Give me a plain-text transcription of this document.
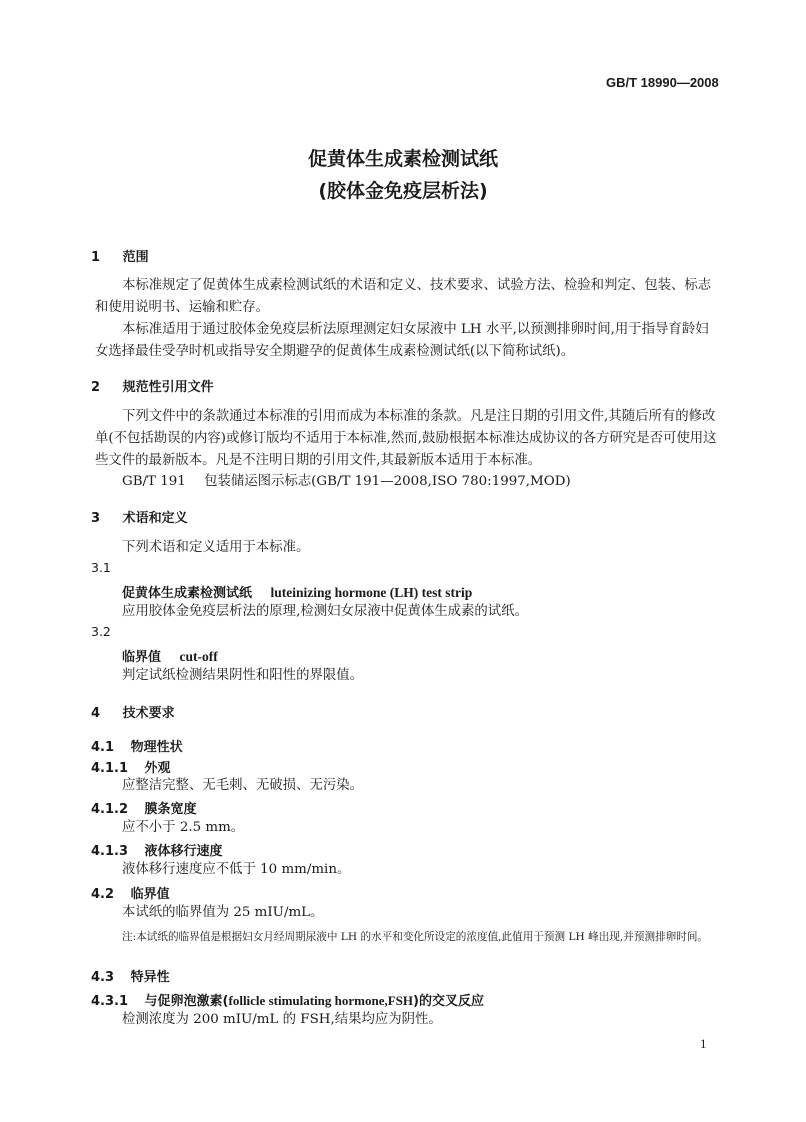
GB/T 18990—2008
促黄体生成素检测试纸
(胶体金免疫层析法)
1 范围
本标准规定了促黄体生成素检测试纸的术语和定义、技术要求、试验方法、检验和判定、包装、标志和使用说明书、运输和贮存。
本标准适用于通过胶体金免疫层析法原理测定妇女尿液中 LH 水平,以预测排卵时间,用于指导育龄妇女选择最佳受孕时机或指导安全期避孕的促黄体生成素检测试纸(以下简称试纸)。
2 规范性引用文件
下列文件中的条款通过本标准的引用而成为本标准的条款。凡是注日期的引用文件,其随后所有的修改单(不包括勘误的内容)或修订版均不适用于本标准,然而,鼓励根据本标准达成协议的各方研究是否可使用这些文件的最新版本。凡是不注明日期的引用文件,其最新版本适用于本标准。
GB/T 191 包装储运图示标志(GB/T 191—2008,ISO 780:1997,MOD)
3 术语和定义
下列术语和定义适用于本标准。
3.1
促黄体生成素检测试纸 luteinizing hormone (LH) test strip
应用胶体金免疫层析法的原理,检测妇女尿液中促黄体生成素的试纸。
3.2
临界值 cut-off
判定试纸检测结果阴性和阳性的界限值。
4 技术要求
4.1 物理性状
4.1.1 外观
应整洁完整、无毛刺、无破损、无污染。
4.1.2 膜条宽度
应不小于 2.5 mm。
4.1.3 液体移行速度
液体移行速度应不低于 10 mm/min。
4.2 临界值
本试纸的临界值为 25 mIU/mL。
注:本试纸的临界值是根据妇女月经周期尿液中 LH 的水平和变化所设定的浓度值,此值用于预测 LH 峰出现,并预测排卵时间。
4.3 特异性
4.3.1 与促卵泡激素(follicle stimulating hormone,FSH)的交叉反应
检测浓度为 200 mIU/mL 的 FSH,结果均应为阴性。
1
